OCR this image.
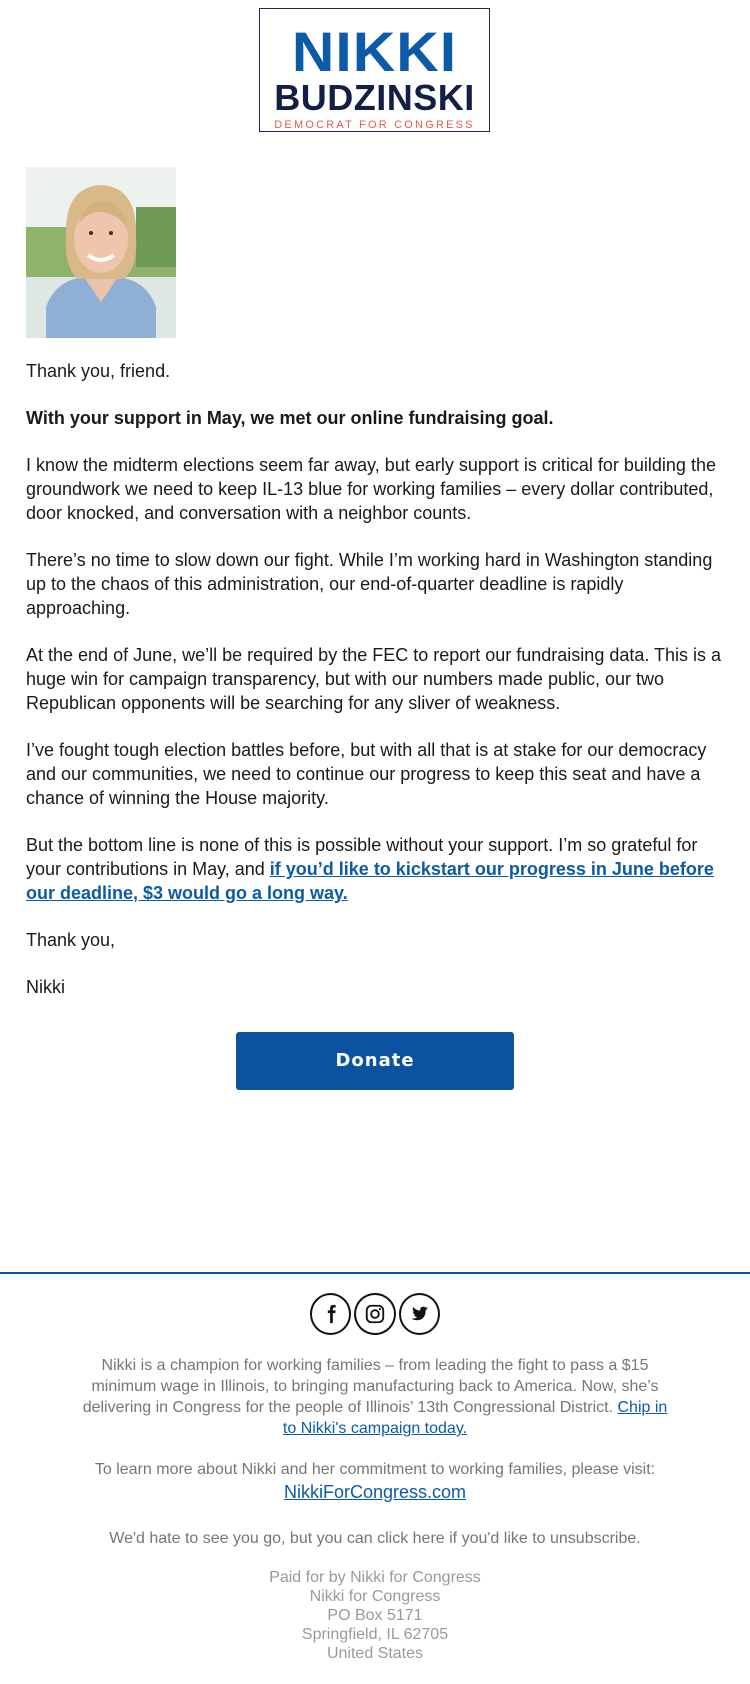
NIKKI
BUDZINSKI
DEMOCRAT FOR CONGRESS

Thank you, friend.

With your support in May, we met our online fundraising goal.

I know the midterm elections seem far away, but early support is critical for building the groundwork we need to keep IL-13 blue for working families – every dollar contributed, door knocked, and conversation with a neighbor counts.

There’s no time to slow down our fight. While I’m working hard in Washington standing up to the chaos of this administration, our end-of-quarter deadline is rapidly approaching.

At the end of June, we’ll be required by the FEC to report our fundraising data. This is a huge win for campaign transparency, but with our numbers made public, our two Republican opponents will be searching for any sliver of weakness.

I’ve fought tough election battles before, but with all that is at stake for our democracy and our communities, we need to continue our progress to keep this seat and have a chance of winning the House majority.

But the bottom line is none of this is possible without your support. I’m so grateful for your contributions in May, and if you’d like to kickstart our progress in June before our deadline, $3 would go a long way.

Thank you,

Nikki

Donate
Nikki is a champion for working families – from leading the fight to pass a $15 minimum wage in Illinois, to bringing manufacturing back to America. Now, she’s delivering in Congress for the people of Illinois’ 13th Congressional District. Chip in to Nikki's campaign today.
To learn more about Nikki and her commitment to working families, please visit:
NikkiForCongress.com
We'd hate to see you go, but you can click here if you'd like to unsubscribe.
Paid for by Nikki for Congress
Nikki for Congress
PO Box 5171
Springfield, IL 62705
United States
